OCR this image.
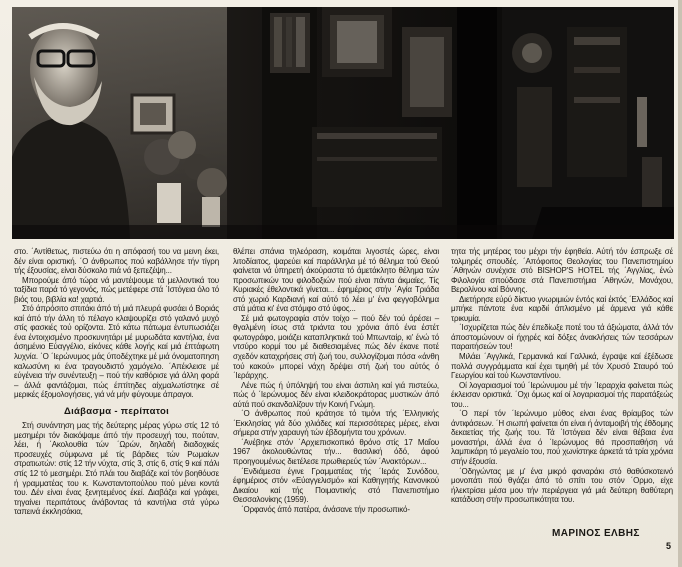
στο. ΄Αντίθετως, πιστεύω ότι η απόφασή του να μεινη έκει, δέν είναι οριστική. ΄Ο άνθρωπος πού καβάλλησε τήν τίγρη τής έξουσίας, είναι δύσκολο πιά νά ξεπεζέψη...

Μπορούμε άπό τώρα νά μαντέψουμε τά μελλοντικά του ταξίδια παρά τό γεγονός, πώς μετέφερε στά ΄Ιστόγεια όλο τό βιός του, βιβλία κα! χαρτιά.

Στό άπρόσιτο σπιτάκι άπό τή μιά πλευρά φυσάει ό Βοριάς καί άπό τήν άλλη τό πέλαγο κλαψουρίζει στό γαλανό μυχό στίς φασκιές τού ορίζοντα. Στό κάτω πάτωμα έντυπωσιάζει ένα έντοιχισμένο προσκυνητάρι μέ μυρωδάτα καντήλια, ένα άσημένιο Εύαγγέλιο, είκόνες κάθε λογής καί μιά έπτάφωτη λυχνία. ΄Ο ΄Ιερώνυμος μάς ύποδέχτηκε μέ μιά όνοματοπηση καλωσύνη κι ένα τραγουδιστό χαμόγελο. ΄Απέκλεισε μέ εύγένεια τήν συνέντευξη – πού τήν καθόρισε γιά άλλη φορά – άλλά φαντάζομαι, πώς έπτίτηδες αίχμαλωτίστηκε σέ μερικές έξομολογήσεις, γιά νά μήν φύγουμε άπραγοι.

Διάβασμα - περίπατοι

Στή συνάντηση μας τής δεύτερης μέρας γύρω στίς 12 τό μεσημέρι τόν διακόψαμε άπό τήν προσευχή του, πούταν, λέει, ή ΄Ακολουθία τών ΄Ωρών, δηλαδή διαδοχικές προσευχές σύμφωνα μέ τίς βάρδιες τών Ρωμαίων στρατιωτών: στίς 12 τήν νύχτα, στίς 3, στίς 6, στίς 9 καί πάλι στίς 12 τό μεσημέρι. Στό πλάι του διαβάζε καί τόν βοηθόυσε ή γραμματέας του κ. Κωνσταντοπούλου πού μένει κοντά του. Δέν είναι ένας ξενητεμένος έκεί. Διαβάζει καί γράφει, τηγαίνει περιπάτους άνάβοντας τά καντήλια στά γύρω ταπεινά έκκλησάκια,

θλέπει σπάνια τηλεόραση, κοιμάται λιγοστές ώρες, είναι λιτοδίαιτος, ψαρεύει καί παράλληλα μέ τό θέλημα τού Θεού φαίνεται νά ύπηρετή άκούραστα τό άμετάκλητο θέλημα τών προσωπικών του φιλοδοξιών πού είναι πάντα άκμαίες. Τίς Κυριακές έθελοντικά γίνεται... έφημέριος στήν ΄Αγία Τριάδα στό χωριό Καρδιανή καί αύτό τό λέει μ' ένα φεγγοβόλημα στά μάτια κι' ένα στόμφο στό ύφος...

Σέ μιά φωτογραφία στόν τοίχο – πού δέν τού άρέσει – θγαλμένη ίσως στά τριάντα του χρόνια άπό ένα έστέτ φωτογράφο, μοιάζει καταπληκτικά τού Μπωνταίρ, κι' ένώ τό ντσύρο κορμί του μέ διαθεσιαμένες πώς δέν έκανε ποτέ σχεδόν καταχρήσεις στή ζωή του, συλλογίζομαι πόσα «άνθη τού κακού» μπορεί νάχη δρέψει στή ζωή του αύτός ό ΄Ιεράρχης.

Λένε πώς ή ύπόληψή του είναι άσπιλη καί γιά πιστεύω, πώς ό ΄Ιερώνυμος δέν είναι κλειδοκράτορας μυστικών άπό αύτά πού σκανδαλίζουν τήν Κοινή Γνώμη.

΄Ο άνθρωπος πού κράτησε τό τιμόνι τής ΄Ελληνικής ΄Εκκλησίας γιά δύο χιλιάδες καί περισσότερες μέρες, είναι σήμερα στήν χαραυγή τών έβδομήντα του χρόνων.

΄Ανέβηκε στόν ΄Αρχιεπισκοπικό θρόνο στίς 17 Μαΐου 1967 άκολουθώντας τήν... θασιλική όδό, άφού προηγουμένως διετέλεσε πρωθιερεύς τών ΄Ανακτόρων...

΄Ενδιάμεσα έγινε Γραμματέας τής ΄Ιεράς Συνόδου, έφημέριος στόν «Εύαγγελισμό» καί Καθηγητής Κανονικού Δικαίου καί τής Ποιμαντικής στό Πανεπιστήμιο Θεσσαλονίκης (1959).

΄Ορφανός άπό πατέρα, άνάσανε τήν προσωπικό-

τητα τής μητέρας του μέχρι τήν έφηθεία. Αύτή τόν έσπρωξε σέ τολμηρές σπουδές. ΄Απόφοιτος Θεολογίας του Πανεπιστημίου ΄Αθηνών συνέχισε στό BISHOP'S HOTEL τής ΄Αγγλίας, ένώ Φιλολογία σπούδασε στά Πανεπιστήμια ΄Αθηνών, Μονάχου, Βερολίνου καί Βόννης.

Διετήρησε εύρύ δίκτυο γνωριμιών έντός καί έκτός ΄Ελλάδος καί μπήκε πάντοτε ένα καρδιί άπλισμένο μέ άρμενα γιά κάθε τρικυμία.

΄Ισχυρίζεται πώς δέν έπεδίωξε ποτέ του τά άξιώματα, άλλά τόν άποστομώνουν οί ήχηρές καί δόξες άνακλήσεις τών τεσσάρων παραιτήσεών του!

Μιλάει ΄Αγγλικά, Γερμανικά καί Γαλλικά, έγραψε καί έξέδωσε πολλά συγγράμματα καί έχει τιμηθή μέ τόν Χρυσό Σταυρό τού Γεωργίου καί τού Κωνσταντίνου.

Οί λογαριασμοί τού ΄Ιερώνυμου μέ τήν ΄Ιεραρχία φαίνεται πώς έκλεισαν οριστικά. ΄Οχι όμως καί οί λογαριασμοί τής παρατάξεώς του...

΄Ο περί τόν ΄Ιερώνυμο μύθος είναι ένας θρίαμβος τών άντιφάσεων. ΄Η σιωπή φαίνεται ότι είναι ή άνταμοιβή τής έθδομης δεκαετίας τής ζωής του. Τά ΄Ιστόγεια δέν είναι θέβαια ένα μοναστήρι, άλλά ένα ό ΄Ιερώνυμος θά προσπαθήση νά λαμπικάρη τό μεγαλείο του, πού χωνίστηκε άρκετά τά τρία χρόνια στήν έξουσία.

΄Οδηγώντας με μ' ένα μικρό φαναράκι στό θαθύσκοτεινό μονοπάτι πού θγάζει άπό τό σπίτι του στόν ΄Ορμο, είχε ήλεκτρίσει μέσα μου τήν περιέργεια γιά μιά δεύτερη θαθύτερη κατάδυση στήν προσωπικότητα του.

ΜΑΡΙΝΟΣ ΕΛΒΗΣ
5
